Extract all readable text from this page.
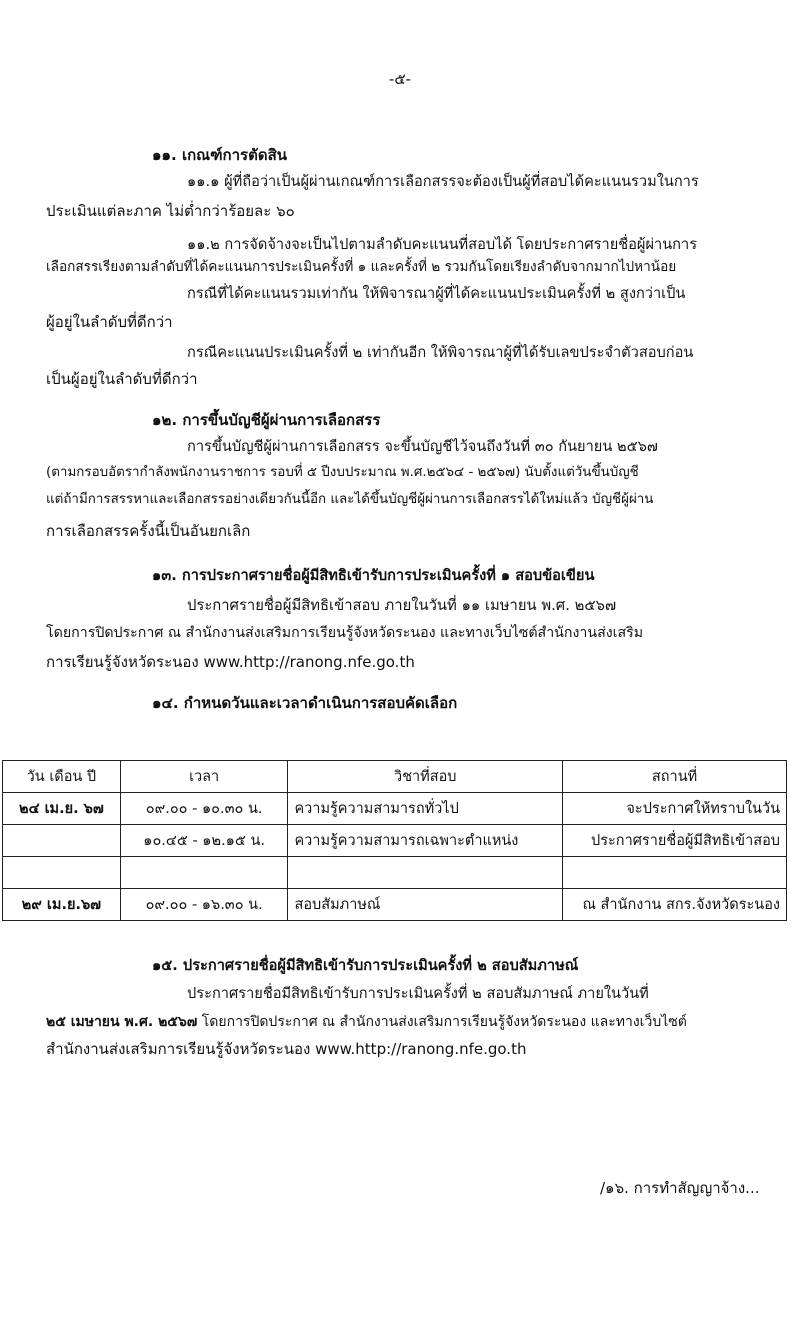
-๕-
๑๑. เกณฑ์การตัดสิน
๑๑.๑ ผู้ที่ถือว่าเป็นผู้ผ่านเกณฑ์การเลือกสรรจะต้องเป็นผู้ที่สอบได้คะแนนรวมในการ
ประเมินแต่ละภาค ไม่ต่ำกว่าร้อยละ ๖๐
๑๑.๒ การจัดจ้างจะเป็นไปตามลำดับคะแนนที่สอบได้ โดยประกาศรายชื่อผู้ผ่านการ
เลือกสรรเรียงตามลำดับที่ได้คะแนนการประเมินครั้งที่ ๑ และครั้งที่ ๒ รวมกันโดยเรียงลำดับจากมากไปหาน้อย
กรณีที่ได้คะแนนรวมเท่ากัน ให้พิจารณาผู้ที่ได้คะแนนประเมินครั้งที่ ๒ สูงกว่าเป็น
ผู้อยู่ในลำดับที่ดีกว่า
กรณีคะแนนประเมินครั้งที่ ๒ เท่ากันอีก ให้พิจารณาผู้ที่ได้รับเลขประจำตัวสอบก่อน
เป็นผู้อยู่ในลำดับที่ดีกว่า
๑๒. การขึ้นบัญชีผู้ผ่านการเลือกสรร
การขึ้นบัญชีผู้ผ่านการเลือกสรร จะขึ้นบัญชีไว้จนถึงวันที่ ๓๐ กันยายน ๒๕๖๗
(ตามกรอบอัตรากำลังพนักงานราชการ รอบที่ ๕ ปีงบประมาณ พ.ศ.๒๕๖๔ - ๒๕๖๗) นับตั้งแต่วันขึ้นบัญชี
แต่ถ้ามีการสรรหาและเลือกสรรอย่างเดียวกันนี้อีก และได้ขึ้นบัญชีผู้ผ่านการเลือกสรรได้ใหม่แล้ว บัญชีผู้ผ่าน
การเลือกสรรครั้งนี้เป็นอันยกเลิก
๑๓. การประกาศรายชื่อผู้มีสิทธิเข้ารับการประเมินครั้งที่ ๑ สอบข้อเขียน
ประกาศรายชื่อผู้มีสิทธิเข้าสอบ ภายในวันที่ ๑๑ เมษายน พ.ศ. ๒๕๖๗
โดยการปิดประกาศ ณ สำนักงานส่งเสริมการเรียนรู้จังหวัดระนอง และทางเว็บไซต์สำนักงานส่งเสริม
การเรียนรู้จังหวัดระนอง www.http://ranong.nfe.go.th
๑๔. กำหนดวันและเวลาดำเนินการสอบคัดเลือก
วัน เดือน ปี	เวลา	วิชาที่สอบ	สถานที่
๒๔ เม.ย. ๖๗	๐๙.๐๐ - ๑๐.๓๐ น.	ความรู้ความสามารถทั่วไป	จะประกาศให้ทราบในวัน
	๑๐.๔๕ - ๑๒.๑๕ น.	ความรู้ความสามารถเฉพาะตำแหน่ง	ประกาศรายชื่อผู้มีสิทธิเข้าสอบ

๒๙ เม.ย.๖๗	๐๙.๐๐ - ๑๖.๓๐ น.	สอบสัมภาษณ์	ณ สำนักงาน สกร.จังหวัดระนอง
๑๕. ประกาศรายชื่อผู้มีสิทธิเข้ารับการประเมินครั้งที่ ๒ สอบสัมภาษณ์
ประกาศรายชื่อมีสิทธิเข้ารับการประเมินครั้งที่ ๒ สอบสัมภาษณ์ ภายในวันที่
๒๕ เมษายน พ.ศ. ๒๕๖๗ โดยการปิดประกาศ ณ สำนักงานส่งเสริมการเรียนรู้จังหวัดระนอง และทางเว็บไซต์
สำนักงานส่งเสริมการเรียนรู้จังหวัดระนอง www.http://ranong.nfe.go.th
/๑๖. การทำสัญญาจ้าง...
